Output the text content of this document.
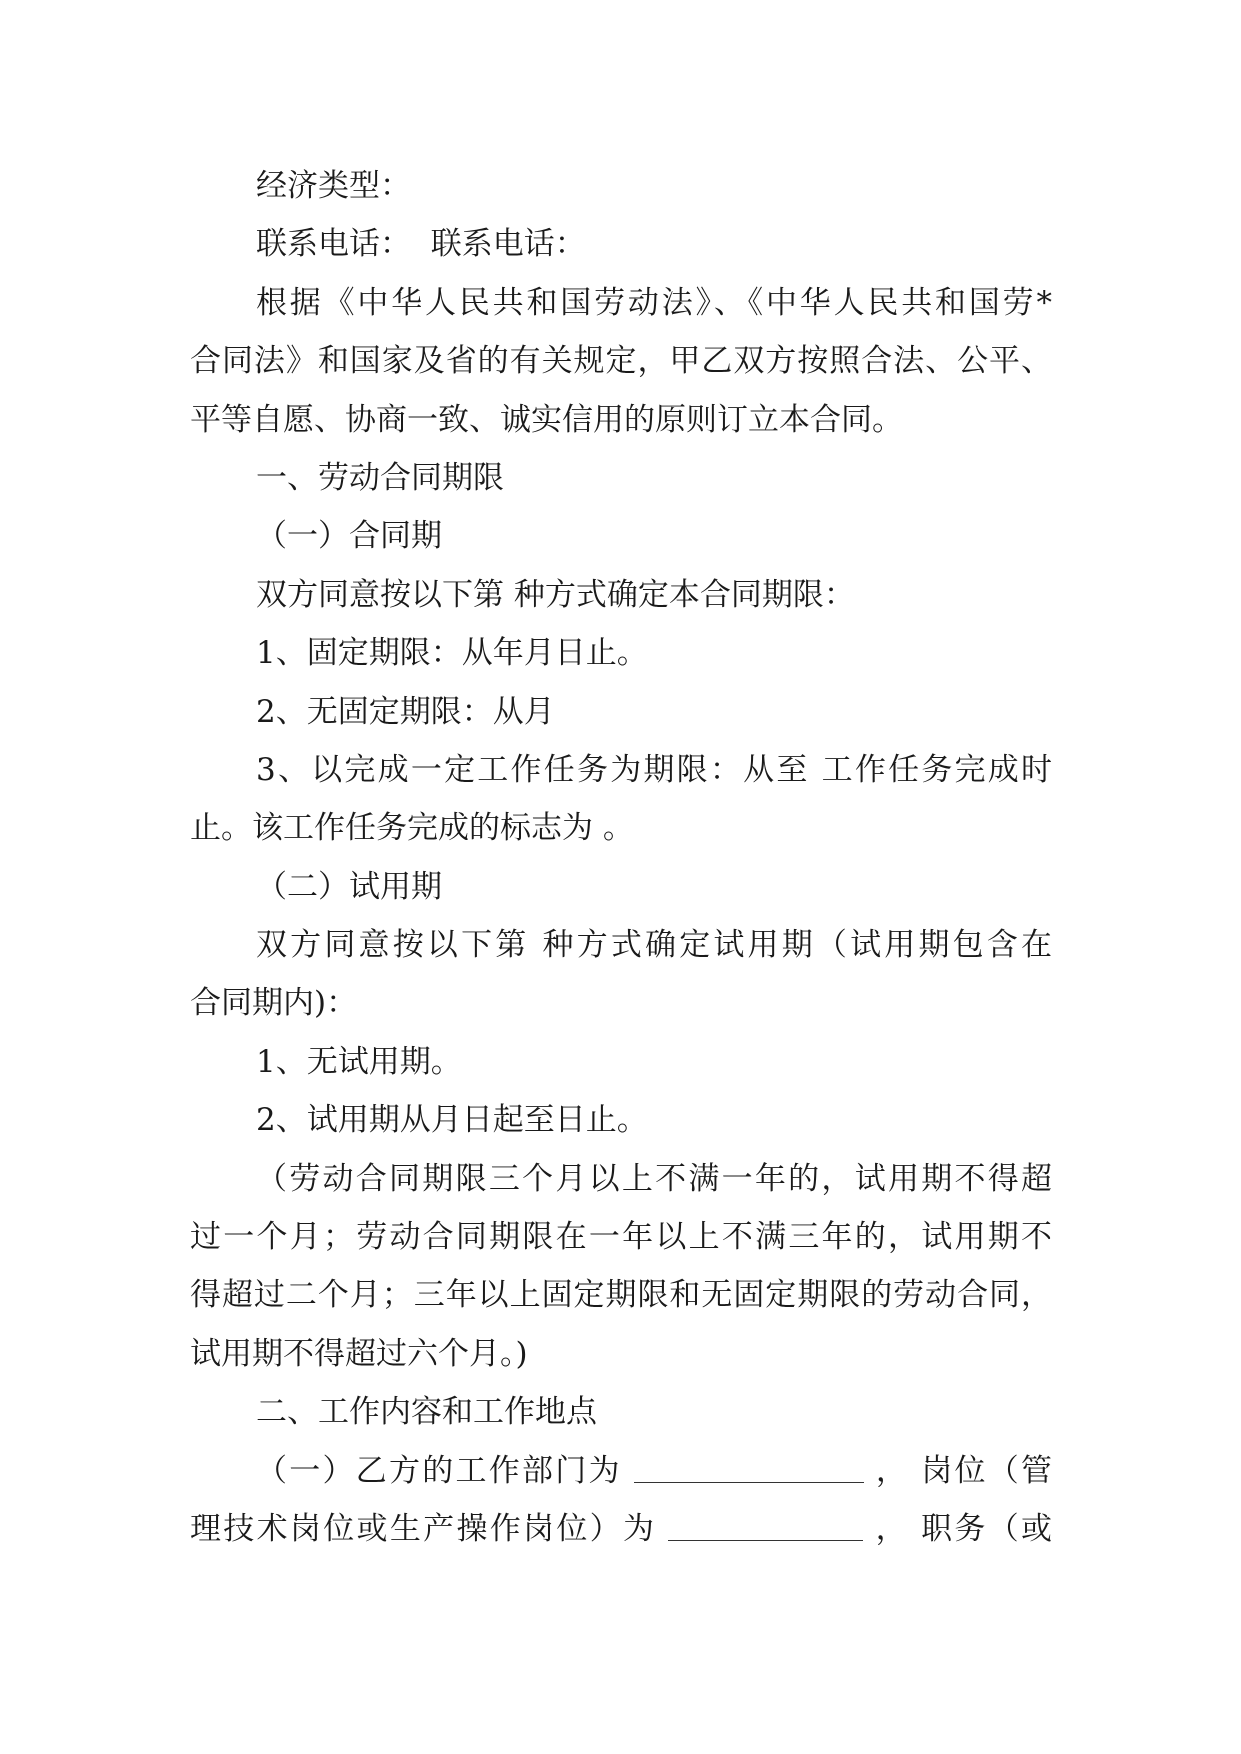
经济类型：
联系电话：  联系电话：
根据《中华人民共和国劳动法》、《中华人民共和国劳*
合同法》和国家及省的有关规定，甲乙双方按照合法、公平、
平等自愿、协商一致、诚实信用的原则订立本合同。
一、劳动合同期限
（一）合同期
双方同意按以下第 种方式确定本合同期限：
1、固定期限：从年月日止。
2、无固定期限：从月
3、以完成一定工作任务为期限：从至 工作任务完成时
止。该工作任务完成的标志为 。
（二）试用期
双方同意按以下第 种方式确定试用期（试用期包含在
合同期内)：
1、无试用期。
2、试用期从月日起至日止。
（劳动合同期限三个月以上不满一年的，试用期不得超
过一个月；劳动合同期限在一年以上不满三年的，试用期不
得超过二个月；三年以上固定期限和无固定期限的劳动合同，
试用期不得超过六个月。)
二、工作内容和工作地点
（一）乙方的工作部门为	， 岗位（管
理技术岗位或生产操作岗位）为	， 职务（或
